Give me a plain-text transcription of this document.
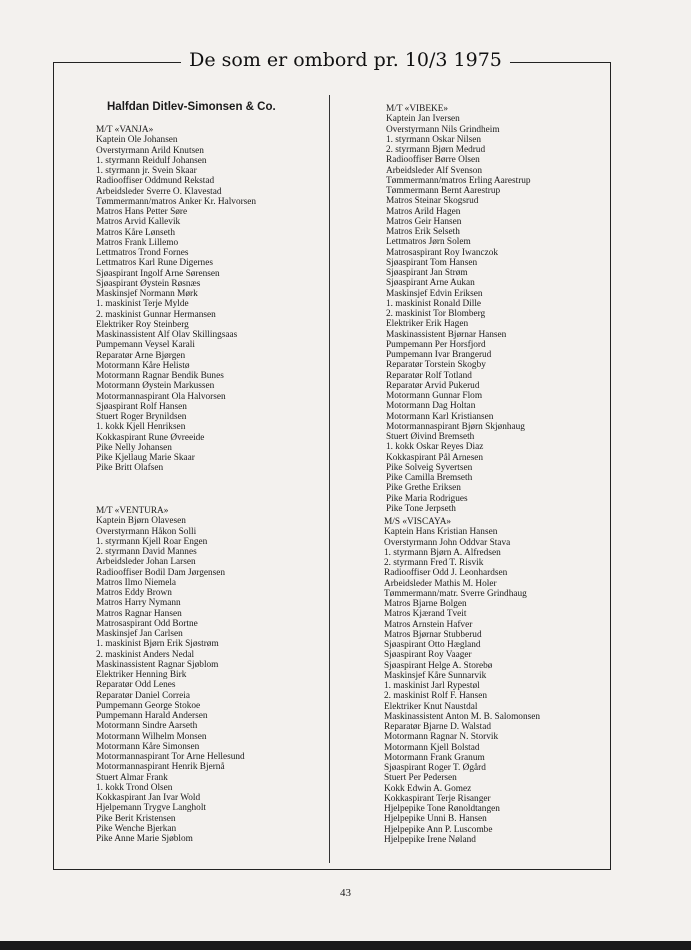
De som er ombord pr. 10/3 1975
Halfdan Ditlev-Simonsen & Co.
M/T «VANJA»
Kaptein Ole Johansen
Overstyrmann Arild Knutsen
1. styrmann Reidulf Johansen
1. styrmann jr. Svein Skaar
Radiooffiser Oddmund Rekstad
Arbeidsleder Sverre O. Klavestad
Tømmermann/matros Anker Kr. Halvorsen
Matros Hans Petter Søre
Matros Arvid Kallevik
Matros Kåre Lønseth
Matros Frank Lillemo
Lettmatros Trond Fornes
Lettmatros Karl Rune Digernes
Sjøaspirant Ingolf Arne Sørensen
Sjøaspirant Øystein Røsnæs
Maskinsjef Normann Mørk
1. maskinist Terje Mylde
2. maskinist Gunnar Hermansen
Elektriker Roy Steinberg
Maskinassistent Alf Olav Skillingsaas
Pumpemann Veysel Karali
Reparatør Arne Bjørgen
Motormann Kåre Helistø
Motormann Ragnar Bendik Bunes
Motormann Øystein Markussen
Motormannaspirant Ola Halvorsen
Sjøaspirant Rolf Hansen
Stuert Roger Brynildsen
1. kokk Kjell Henriksen
Kokkaspirant Rune Øvreeide
Pike Nelly Johansen
Pike Kjellaug Marie Skaar
Pike Britt Olafsen
M/T «VIBEKE»
Kaptein Jan Iversen
Overstyrmann Nils Grindheim
1. styrmann Oskar Nilsen
2. styrmann Bjørn Medrud
Radiooffiser Børre Olsen
Arbeidsleder Alf Svenson
Tømmermann/matros Erling Aarestrup
Tømmermann Bernt Aarestrup
Matros Steinar Skogsrud
Matros Arild Hagen
Matros Geir Hansen
Matros Erik Selseth
Lettmatros Jørn Solem
Matrosaspirant Roy Iwanczok
Sjøaspirant Tom Hansen
Sjøaspirant Jan Strøm
Sjøaspirant Arne Aukan
Maskinsjef Edvin Eriksen
1. maskinist Ronald Dille
2. maskinist Tor Blomberg
Elektriker Erik Hagen
Maskinassistent Bjørnar Hansen
Pumpemann Per Horsfjord
Pumpemann Ivar Brangerud
Reparatør Torstein Skogby
Reparatør Rolf Totland
Reparatør Arvid Pukerud
Motormann Gunnar Flom
Motormann Dag Holtan
Motormann Karl Kristiansen
Motormannaspirant Bjørn Skjønhaug
Stuert Øivind Bremseth
1. kokk Oskar Reyes Diaz
Kokkaspirant Pål Arnesen
Pike Solveig Syvertsen
Pike Camilla Bremseth
Pike Grethe Eriksen
Pike Maria Rodrigues
Pike Tone Jerpseth
M/T «VENTURA»
Kaptein Bjørn Olavesen
Overstyrmann Håkon Solli
1. styrmann Kjell Roar Engen
2. styrmann David Mannes
Arbeidsleder Johan Larsen
Radiooffiser Bodil Dam Jørgensen
Matros Ilmo Niemela
Matros Eddy Brown
Matros Harry Nymann
Matros Ragnar Hansen
Matrosaspirant Odd Bortne
Maskinsjef Jan Carlsen
1. maskinist Bjørn Erik Sjøstrøm
2. maskinist Anders Nedal
Maskinassistent Ragnar Sjøblom
Elektriker Henning Birk
Reparatør Odd Lenes
Reparatør Daniel Correia
Pumpemann George Stokoe
Pumpemann Harald Andersen
Motormann Sindre Aarseth
Motormann Wilhelm Monsen
Motormann Kåre Simonsen
Motormannaspirant Tor Arne Hellesund
Motormannaspirant Henrik Bjernå
Stuert Almar Frank
1. kokk Trond Olsen
Kokkaspirant Jan Ivar Wold
Hjelpemann Trygve Langholt
Pike Berit Kristensen
Pike Wenche Bjerkan
Pike Anne Marie Sjøblom
M/S «VISCAYA»
Kaptein Hans Kristian Hansen
Overstyrmann John Oddvar Stava
1. styrmann Bjørn A. Alfredsen
2. styrmann Fred T. Risvik
Radiooffiser Odd J. Leonhardsen
Arbeidsleder Mathis M. Holer
Tømmermann/matr. Sverre Grindhaug
Matros Bjarne Bolgen
Matros Kjærand Tveit
Matros Arnstein Hafver
Matros Bjørnar Stubberud
Sjøaspirant Otto Hægland
Sjøaspirant Roy Vaager
Sjøaspirant Helge A. Storebø
Maskinsjef Kåre Sunnarvik
1. maskinist Jarl Rypestøl
2. maskinist Rolf F. Hansen
Elektriker Knut Naustdal
Maskinassistent Anton M. B. Salomonsen
Reparatør Bjarne D. Walstad
Motormann Ragnar N. Storvik
Motormann Kjell Bolstad
Motormann Frank Granum
Sjøaspirant Roger T. Øgård
Stuert Per Pedersen
Kokk Edwin A. Gomez
Kokkaspirant Terje Risanger
Hjelpepike Tone Rønoldtangen
Hjelpepike Unni B. Hansen
Hjelpepike Ann P. Luscombe
Hjelpepike Irene Nøland
43
